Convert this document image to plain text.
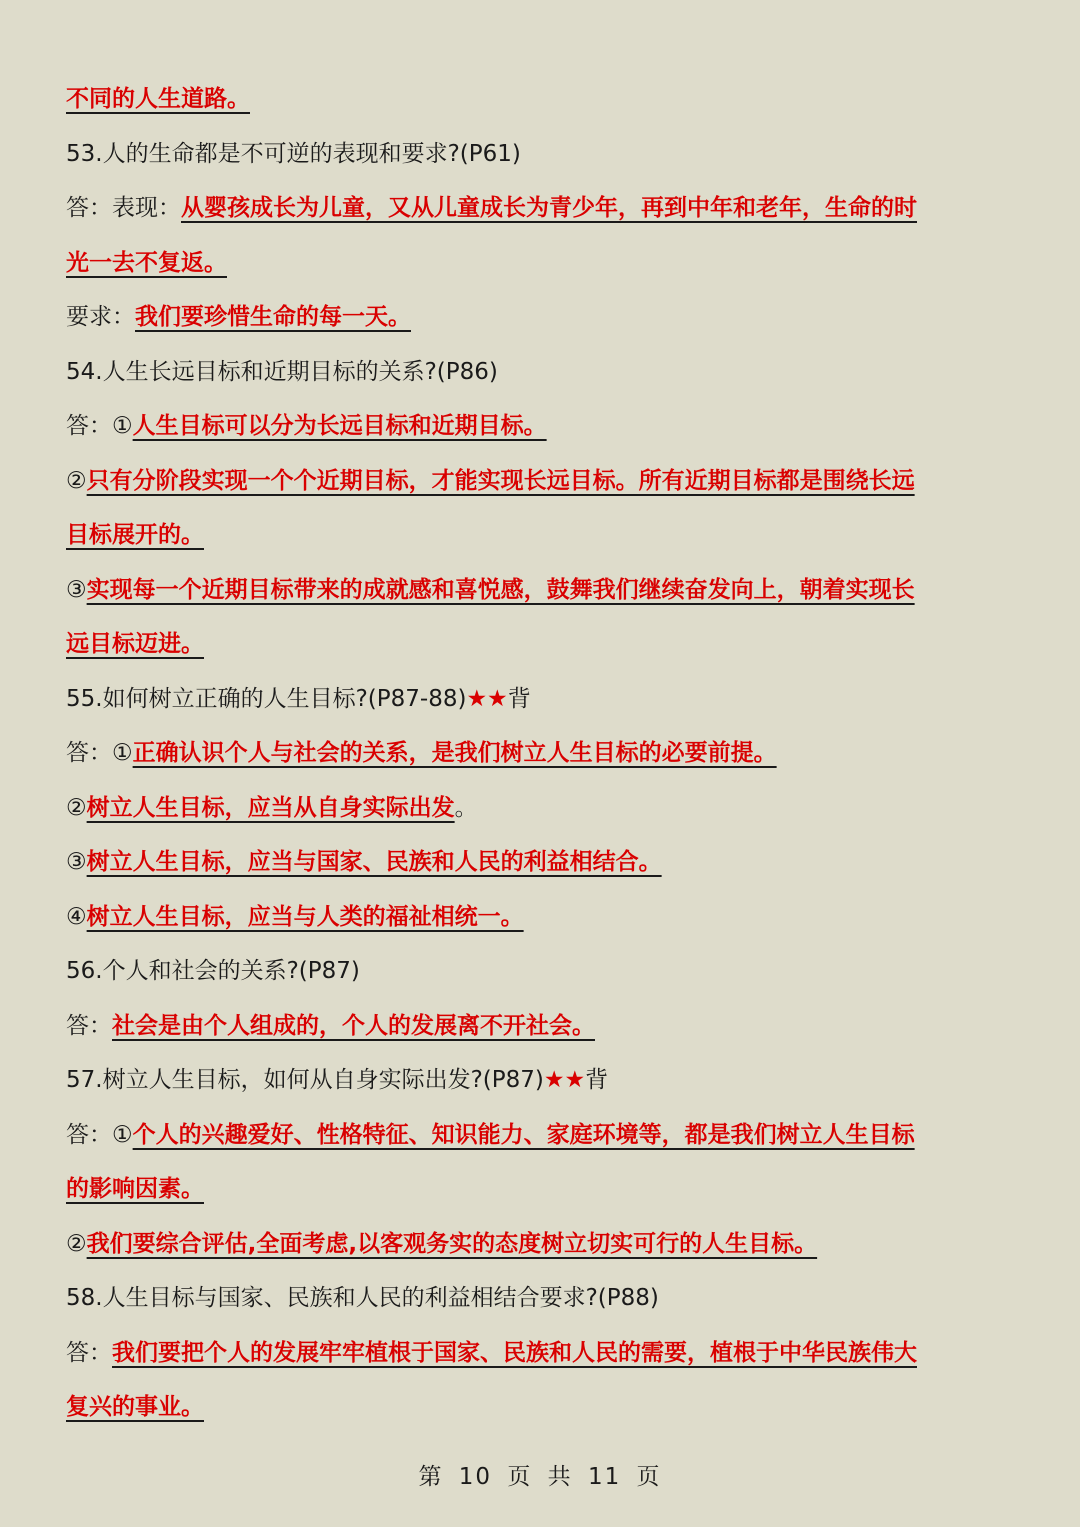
不同的人生道路。
53.人的生命都是不可逆的表现和要求?(P61)
答：表现：从婴孩成长为儿童，又从儿童成长为青少年，再到中年和老年，生命的时
光一去不复返。
要求：我们要珍惜生命的每一天。
54.人生长远目标和近期目标的关系?(P86)
答：①人生目标可以分为长远目标和近期目标。
②只有分阶段实现一个个近期目标，才能实现长远目标。所有近期目标都是围绕长远
目标展开的。
③实现每一个近期目标带来的成就感和喜悦感，鼓舞我们继续奋发向上，朝着实现长
远目标迈进。
55.如何树立正确的人生目标?(P87-88)★★背
答：①正确认识个人与社会的关系，是我们树立人生目标的必要前提。
②树立人生目标，应当从自身实际出发。
③树立人生目标，应当与国家、民族和人民的利益相结合。
④树立人生目标，应当与人类的福祉相统一。
56.个人和社会的关系?(P87)
答：社会是由个人组成的，个人的发展离不开社会。
57.树立人生目标，如何从自身实际出发?(P87)★★背
答：①个人的兴趣爱好、性格特征、知识能力、家庭环境等，都是我们树立人生目标
的影响因素。
②我们要综合评估,全面考虑,以客观务实的态度树立切实可行的人生目标。
58.人生目标与国家、民族和人民的利益相结合要求?(P88)
答：我们要把个人的发展牢牢植根于国家、民族和人民的需要，植根于中华民族伟大
复兴的事业。
第 10 页 共 11 页
